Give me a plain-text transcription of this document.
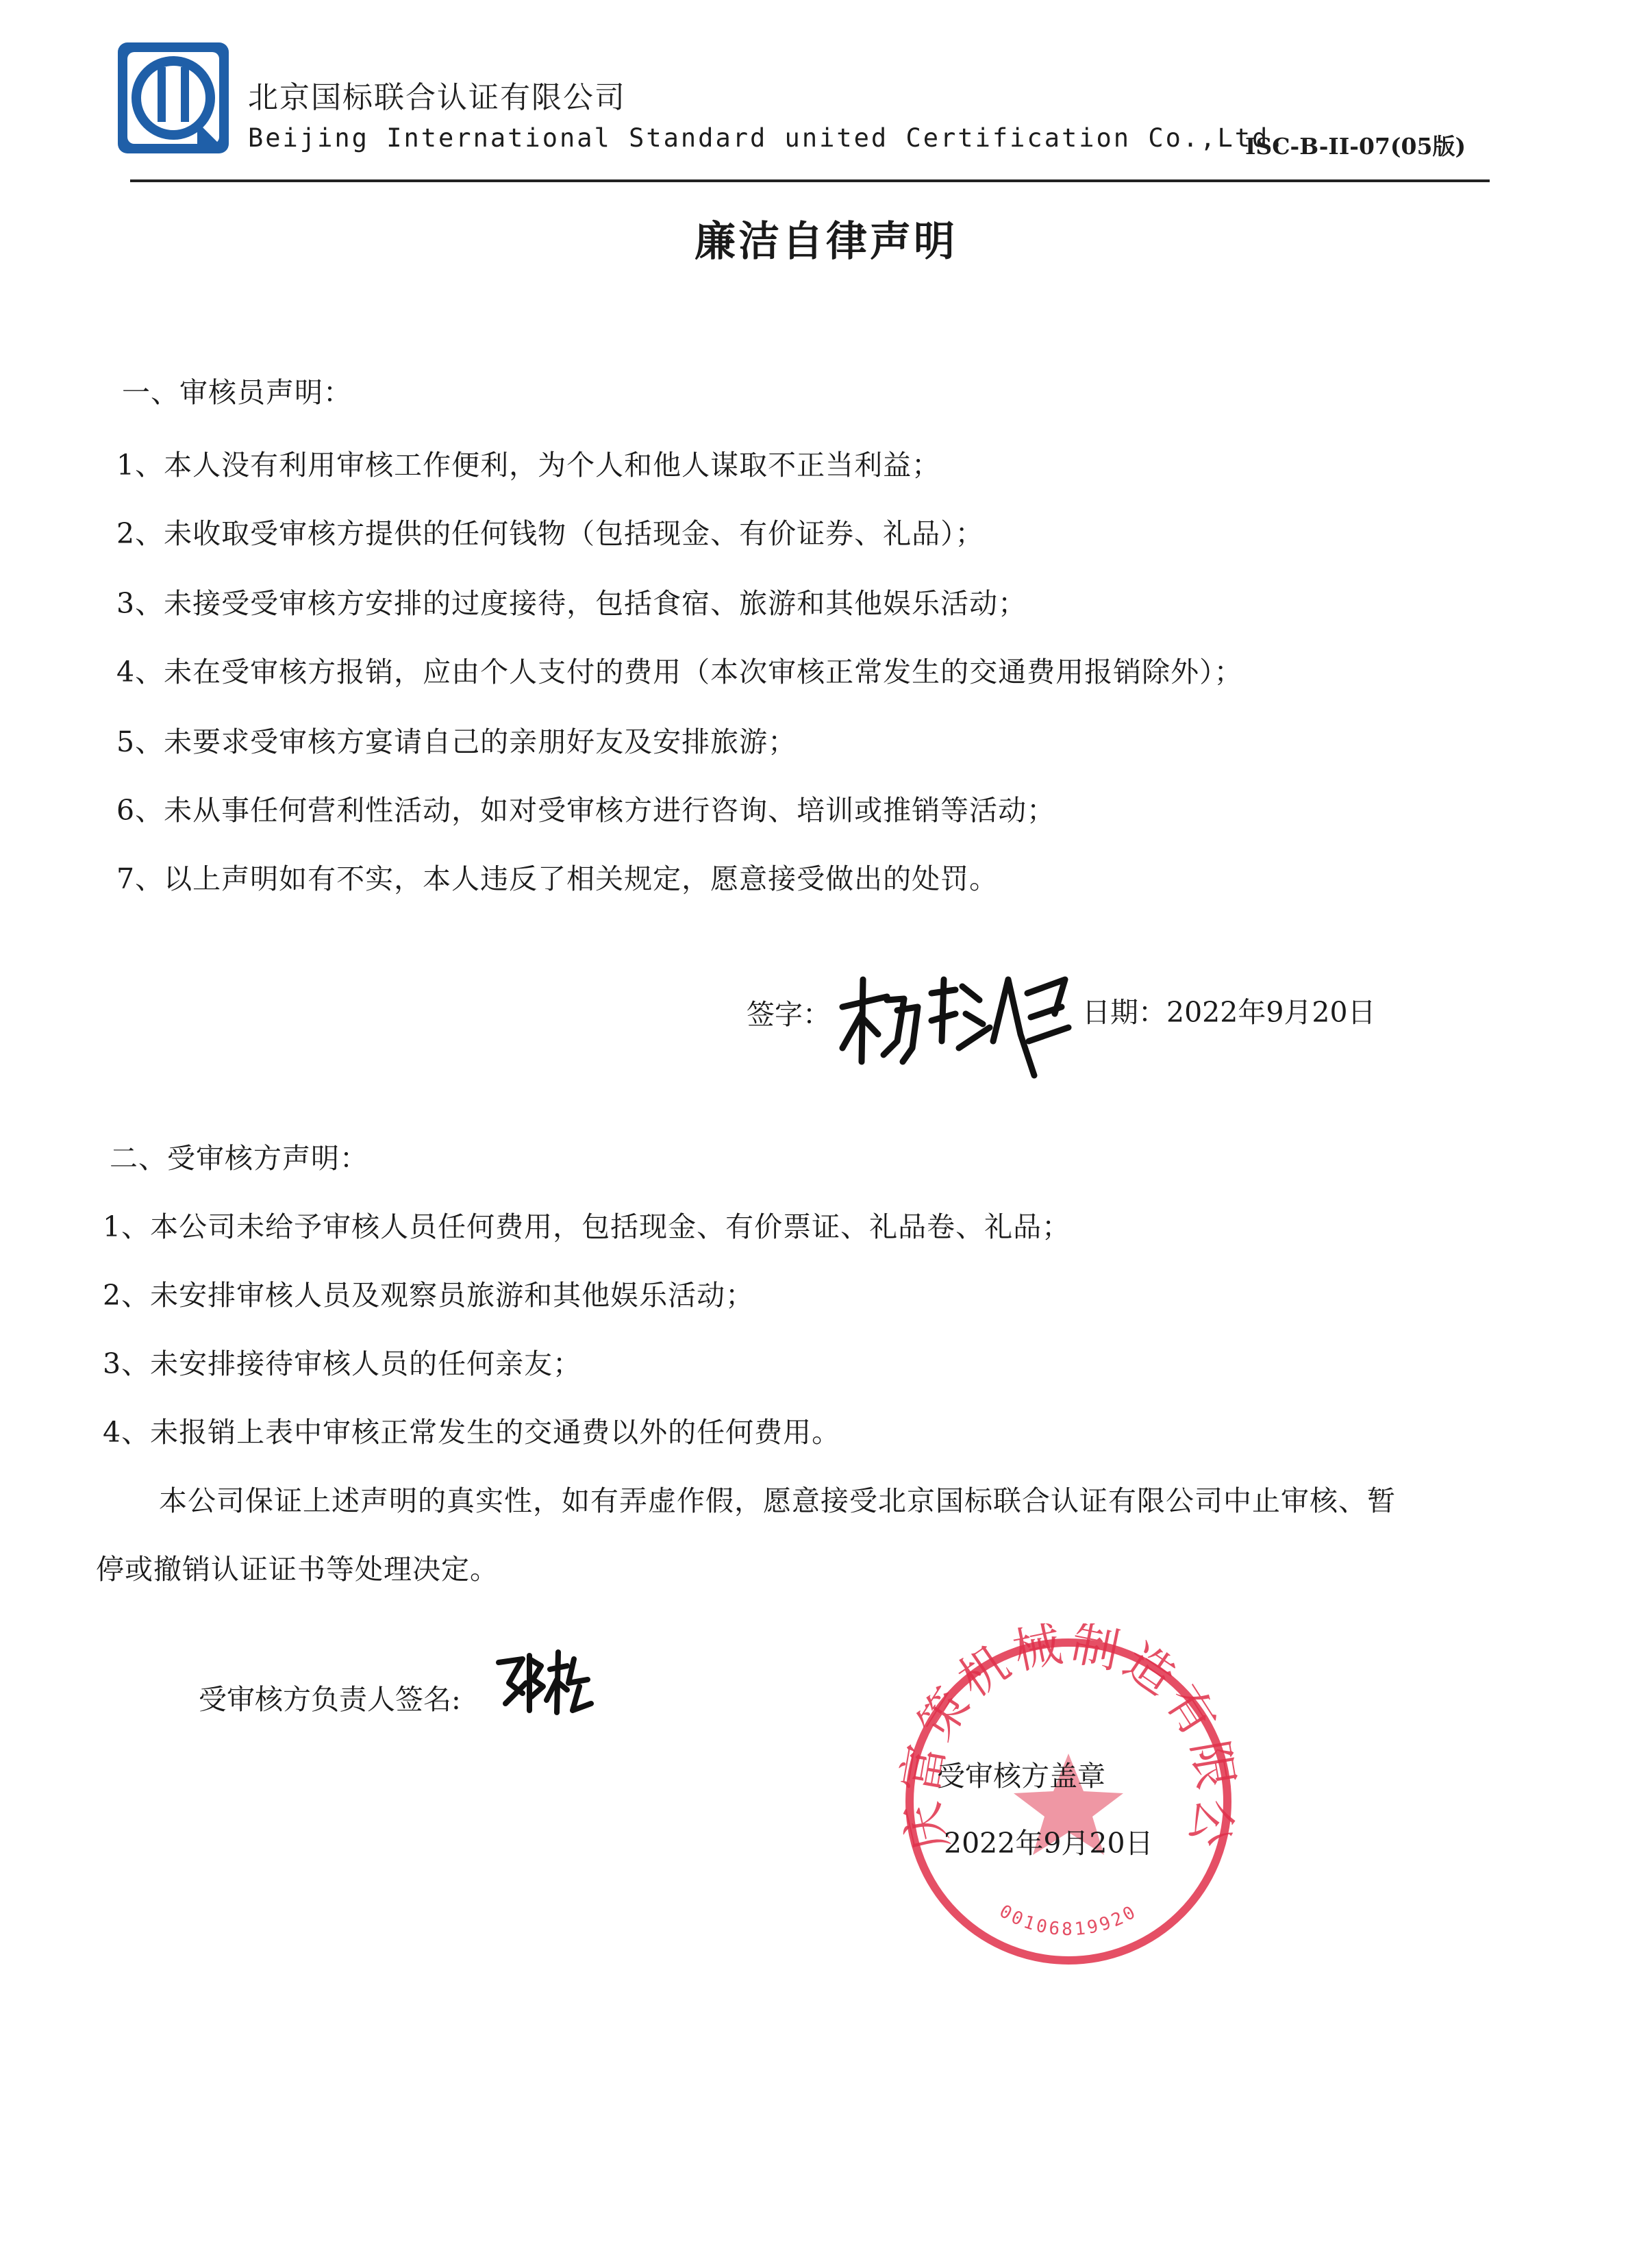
北京国标联合认证有限公司
Beijing International Standard united Certification Co.,Ltd.
ISC-B-II-07(05版)
廉洁自律声明
一、审核员声明：
1、本人没有利用审核工作便利，为个人和他人谋取不正当利益；
2、未收取受审核方提供的任何钱物（包括现金、有价证券、礼品）；
3、未接受受审核方安排的过度接待，包括食宿、旅游和其他娱乐活动；
4、未在受审核方报销，应由个人支付的费用（本次审核正常发生的交通费用报销除外）；
5、未要求受审核方宴请自己的亲朋好友及安排旅游；
6、未从事任何营利性活动，如对受审核方进行咨询、培训或推销等活动；
7、以上声明如有不实，本人违反了相关规定，愿意接受做出的处罚。
签字：	日期：2022年9月20日
二、受审核方声明：
1、本公司未给予审核人员任何费用，包括现金、有价票证、礼品卷、礼品；
2、未安排审核人员及观察员旅游和其他娱乐活动；
3、未安排接待审核人员的任何亲友；
4、未报销上表中审核正常发生的交通费以外的任何费用。
本公司保证上述声明的真实性，如有弄虚作假，愿意接受北京国标联合认证有限公司中止审核、暂
停或撤销认证证书等处理决定。
受审核方负责人签名:
庆富策机械制造有限公
00106819920
受审核方盖章
2022年9月20日
